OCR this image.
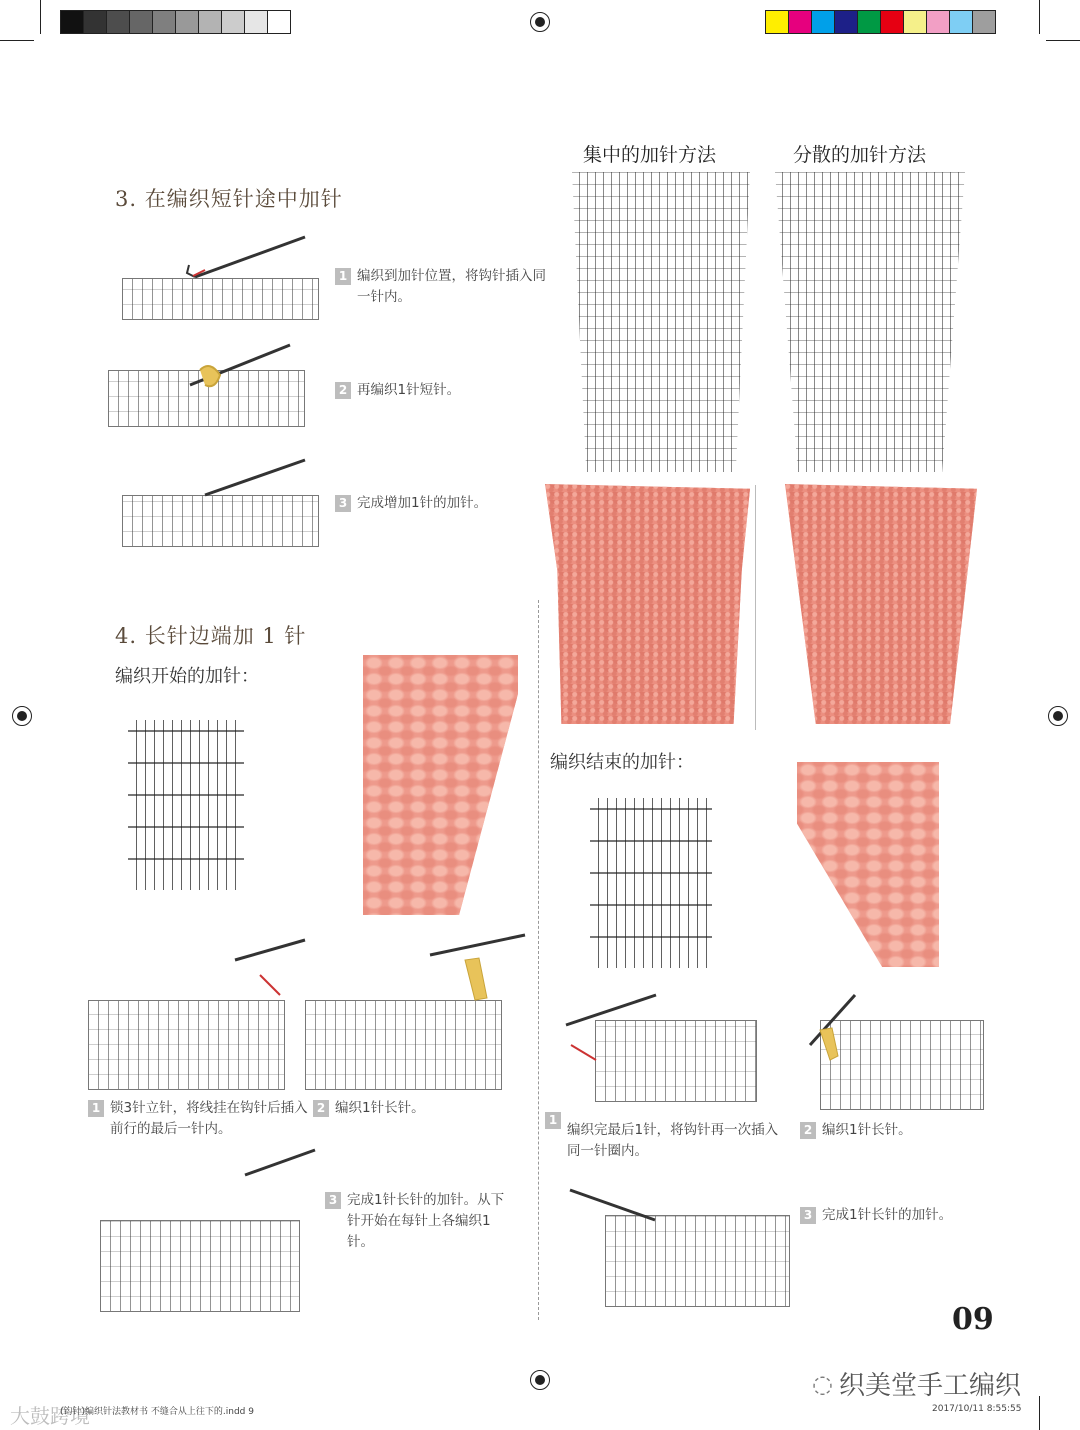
3. 在编织短针途中加针
1 编织到加针位置，将钩针插入同一针内。
2 再编织1针短针。
3 完成增加1针的加针。
4. 长针边端加 1 针
编织开始的加针：
1 锁3针立针，将线挂在钩针后插入前行的最后一针内。
2 编织1针长针。
3 完成1针长针的加针。从下针开始在每针上各编织1针。
集中的加针方法	分散的加针方法
编织结束的加针：
1
编织完最后1针，将钩针再一次插入同一针圈内。
2 编织1针长针。
3 完成1针长针的加针。
09
◌ 织美堂手工编织
大鼓跨境
(钩针)编织针法教材书 不缝合从上往下的.indd 9	2017/10/11 8:55:55
